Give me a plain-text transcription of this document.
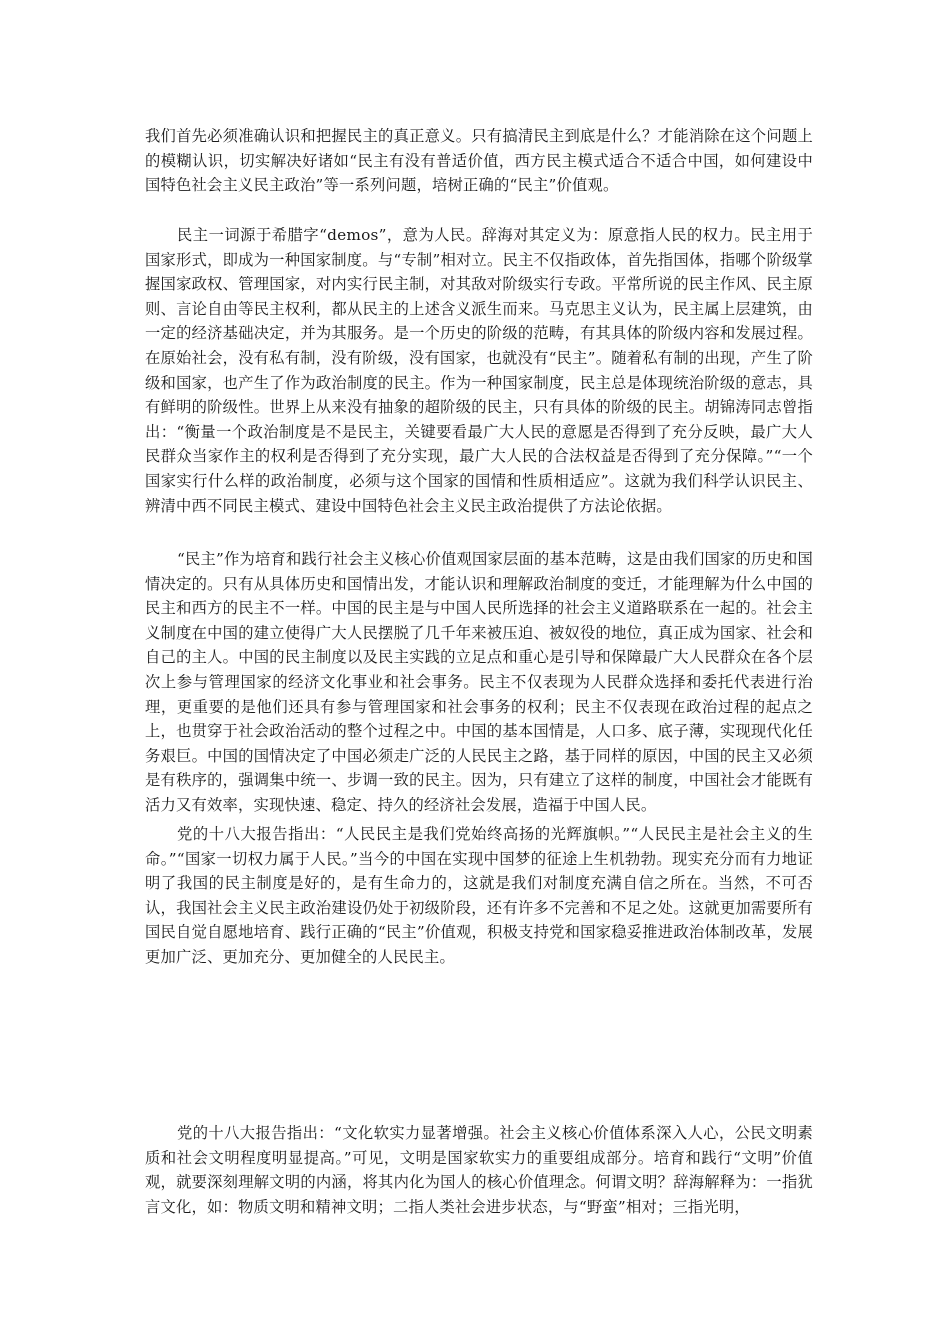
我们首先必须准确认识和把握民主的真正意义。只有搞清民主到底是什么？才能消除在这个问题上的模糊认识，切实解决好诸如“民主有没有普适价值，西方民主模式适合不适合中国，如何建设中国特色社会主义民主政治”等一系列问题，培树正确的“民主”价值观。

民主一词源于希腊字“demos”，意为人民。辞海对其定义为：原意指人民的权力。民主用于国家形式，即成为一种国家制度。与“专制”相对立。民主不仅指政体，首先指国体，指哪个阶级掌握国家政权、管理国家，对内实行民主制，对其敌对阶级实行专政。平常所说的民主作风、民主原则、言论自由等民主权利，都从民主的上述含义派生而来。马克思主义认为，民主属上层建筑，由一定的经济基础决定，并为其服务。是一个历史的阶级的范畴，有其具体的阶级内容和发展过程。在原始社会，没有私有制，没有阶级，没有国家，也就没有“民主”。随着私有制的出现，产生了阶级和国家，也产生了作为政治制度的民主。作为一种国家制度，民主总是体现统治阶级的意志，具有鲜明的阶级性。世界上从来没有抽象的超阶级的民主，只有具体的阶级的民主。胡锦涛同志曾指出：“衡量一个政治制度是不是民主，关键要看最广大人民的意愿是否得到了充分反映，最广大人民群众当家作主的权利是否得到了充分实现，最广大人民的合法权益是否得到了充分保障。”“一个国家实行什么样的政治制度，必须与这个国家的国情和性质相适应”。这就为我们科学认识民主、辨清中西不同民主模式、建设中国特色社会主义民主政治提供了方法论依据。

“民主”作为培育和践行社会主义核心价值观国家层面的基本范畴，这是由我们国家的历史和国情决定的。只有从具体历史和国情出发，才能认识和理解政治制度的变迁，才能理解为什么中国的民主和西方的民主不一样。中国的民主是与中国人民所选择的社会主义道路联系在一起的。社会主义制度在中国的建立使得广大人民摆脱了几千年来被压迫、被奴役的地位，真正成为国家、社会和自己的主人。中国的民主制度以及民主实践的立足点和重心是引导和保障最广大人民群众在各个层次上参与管理国家的经济文化事业和社会事务。民主不仅表现为人民群众选择和委托代表进行治理，更重要的是他们还具有参与管理国家和社会事务的权利；民主不仅表现在政治过程的起点之上，也贯穿于社会政治活动的整个过程之中。中国的基本国情是，人口多、底子薄，实现现代化任务艰巨。中国的国情决定了中国必须走广泛的人民民主之路，基于同样的原因，中国的民主又必须是有秩序的，强调集中统一、步调一致的民主。因为，只有建立了这样的制度，中国社会才能既有活力又有效率，实现快速、稳定、持久的经济社会发展，造福于中国人民。

党的十八大报告指出：“人民民主是我们党始终高扬的光辉旗帜。”“人民民主是社会主义的生命。”“国家一切权力属于人民。”当今的中国在实现中国梦的征途上生机勃勃。现实充分而有力地证明了我国的民主制度是好的，是有生命力的，这就是我们对制度充满自信之所在。当然，不可否认，我国社会主义民主政治建设仍处于初级阶段，还有许多不完善和不足之处。这就更加需要所有国民自觉自愿地培育、践行正确的“民主”价值观，积极支持党和国家稳妥推进政治体制改革，发展更加广泛、更加充分、更加健全的人民民主。

党的十八大报告指出：“文化软实力显著增强。社会主义核心价值体系深入人心，公民文明素质和社会文明程度明显提高。”可见，文明是国家软实力的重要组成部分。培育和践行“文明”价值观，就要深刻理解文明的内涵，将其内化为国人的核心价值理念。何谓文明？辞海解释为：一指犹言文化，如：物质文明和精神文明；二指人类社会进步状态，与“野蛮”相对；三指光明，
